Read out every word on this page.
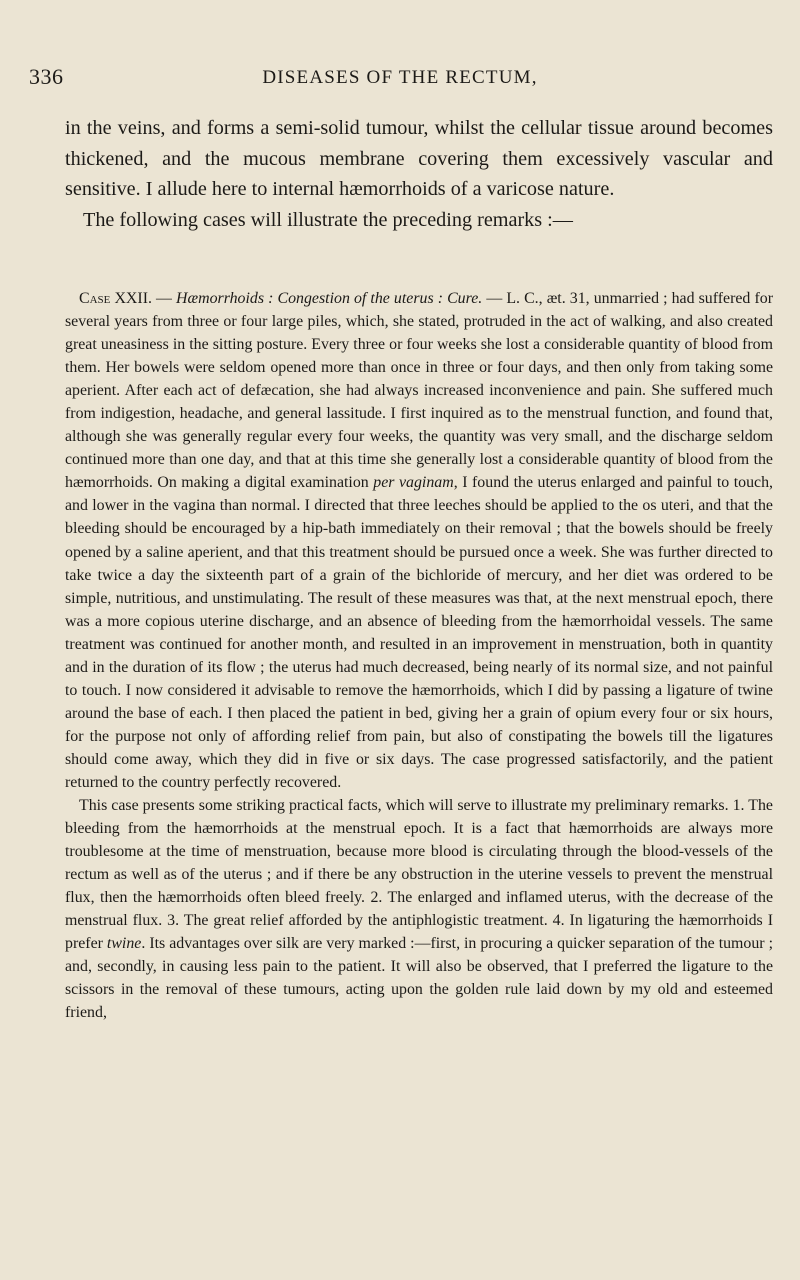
336	DISEASES OF THE RECTUM,

in the veins, and forms a semi-solid tumour, whilst the cellular tissue around becomes thickened, and the mucous membrane covering them excessively vascular and sensitive. I allude here to internal hæmorrhoids of a varicose nature.

The following cases will illustrate the preceding remarks :—

Case XXII. — Hæmorrhoids : Congestion of the uterus : Cure. — L. C., æt. 31, unmarried ; had suffered for several years from three or four large piles, which, she stated, protruded in the act of walking, and also created great uneasiness in the sitting posture. Every three or four weeks she lost a considerable quantity of blood from them. Her bowels were seldom opened more than once in three or four days, and then only from taking some aperient. After each act of defæcation, she had always increased inconvenience and pain. She suffered much from indigestion, headache, and general lassitude. I first inquired as to the menstrual function, and found that, although she was generally regular every four weeks, the quantity was very small, and the discharge seldom continued more than one day, and that at this time she generally lost a considerable quantity of blood from the hæmorrhoids. On making a digital examination per vaginam, I found the uterus enlarged and painful to touch, and lower in the vagina than normal. I directed that three leeches should be applied to the os uteri, and that the bleeding should be encouraged by a hip-bath immediately on their removal ; that the bowels should be freely opened by a saline aperient, and that this treatment should be pursued once a week. She was further directed to take twice a day the sixteenth part of a grain of the bichloride of mercury, and her diet was ordered to be simple, nutritious, and unstimulating. The result of these measures was that, at the next menstrual epoch, there was a more copious uterine discharge, and an absence of bleeding from the hæmorrhoidal vessels. The same treatment was continued for another month, and resulted in an improvement in menstruation, both in quantity and in the duration of its flow ; the uterus had much decreased, being nearly of its normal size, and not painful to touch. I now considered it advisable to remove the hæmorrhoids, which I did by passing a ligature of twine around the base of each. I then placed the patient in bed, giving her a grain of opium every four or six hours, for the purpose not only of affording relief from pain, but also of constipating the bowels till the ligatures should come away, which they did in five or six days. The case progressed satisfactorily, and the patient returned to the country perfectly recovered.

This case presents some striking practical facts, which will serve to illustrate my preliminary remarks. 1. The bleeding from the hæmorrhoids at the menstrual epoch. It is a fact that hæmorrhoids are always more troublesome at the time of menstruation, because more blood is circulating through the blood-vessels of the rectum as well as of the uterus ; and if there be any obstruction in the uterine vessels to prevent the menstrual flux, then the hæmorrhoids often bleed freely. 2. The enlarged and inflamed uterus, with the decrease of the menstrual flux. 3. The great relief afforded by the antiphlogistic treatment. 4. In ligaturing the hæmorrhoids I prefer twine. Its advantages over silk are very marked :—first, in procuring a quicker separation of the tumour ; and, secondly, in causing less pain to the patient. It will also be observed, that I preferred the ligature to the scissors in the removal of these tumours, acting upon the golden rule laid down by my old and esteemed friend,
